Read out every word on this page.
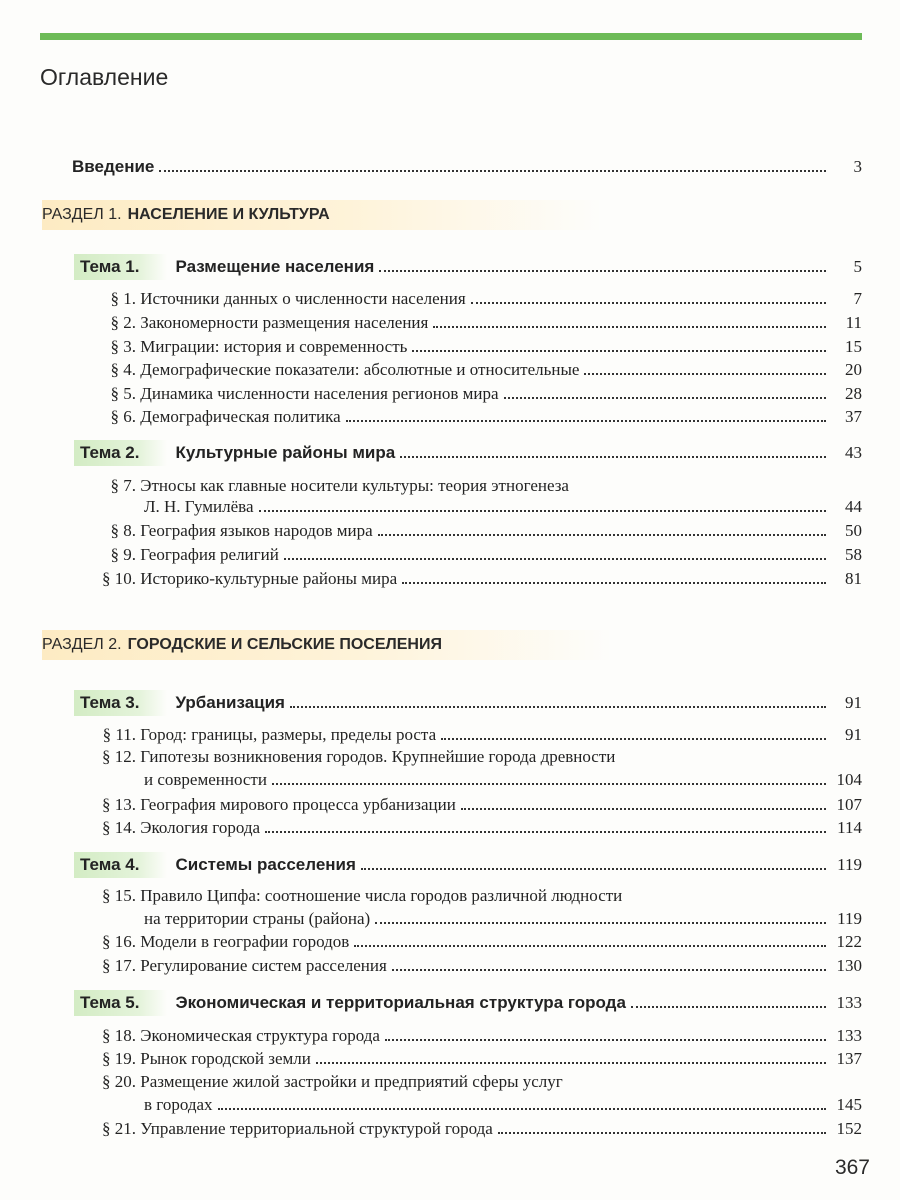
Оглавление
Введение	3
РАЗДЕЛ 1. НАСЕЛЕНИЕ И КУЛЬТУРА
Тема 1.	Размещение населения	5
§ 1. Источники данных о численности населения	7
§ 2. Закономерности размещения населения	11
§ 3. Миграции: история и современность	15
§ 4. Демографические показатели: абсолютные и относительные	20
§ 5. Динамика численности населения регионов мира	28
§ 6. Демографическая политика	37
Тема 2.	Культурные районы мира	43
§ 7. Этносы как главные носители культуры: теория этногенеза
Л. Н. Гумилёва	44
§ 8. География языков народов мира	50
§ 9. География религий	58
§ 10. Историко-культурные районы мира	81
РАЗДЕЛ 2. ГОРОДСКИЕ И СЕЛЬСКИЕ ПОСЕЛЕНИЯ
Тема 3.	Урбанизация	91
§ 11. Город: границы, размеры, пределы роста	91
§ 12. Гипотезы возникновения городов. Крупнейшие города древности
и современности	104
§ 13. География мирового процесса урбанизации	107
§ 14. Экология города	114
Тема 4.	Системы расселения	119
§ 15. Правило Ципфа: соотношение числа городов различной людности
на территории страны (района)	119
§ 16. Модели в географии городов	122
§ 17. Регулирование систем расселения	130
Тема 5.	Экономическая и территориальная структура города	133
§ 18. Экономическая структура города	133
§ 19. Рынок городской земли	137
§ 20. Размещение жилой застройки и предприятий сферы услуг
в городах	145
§ 21. Управление территориальной структурой города	152
367
